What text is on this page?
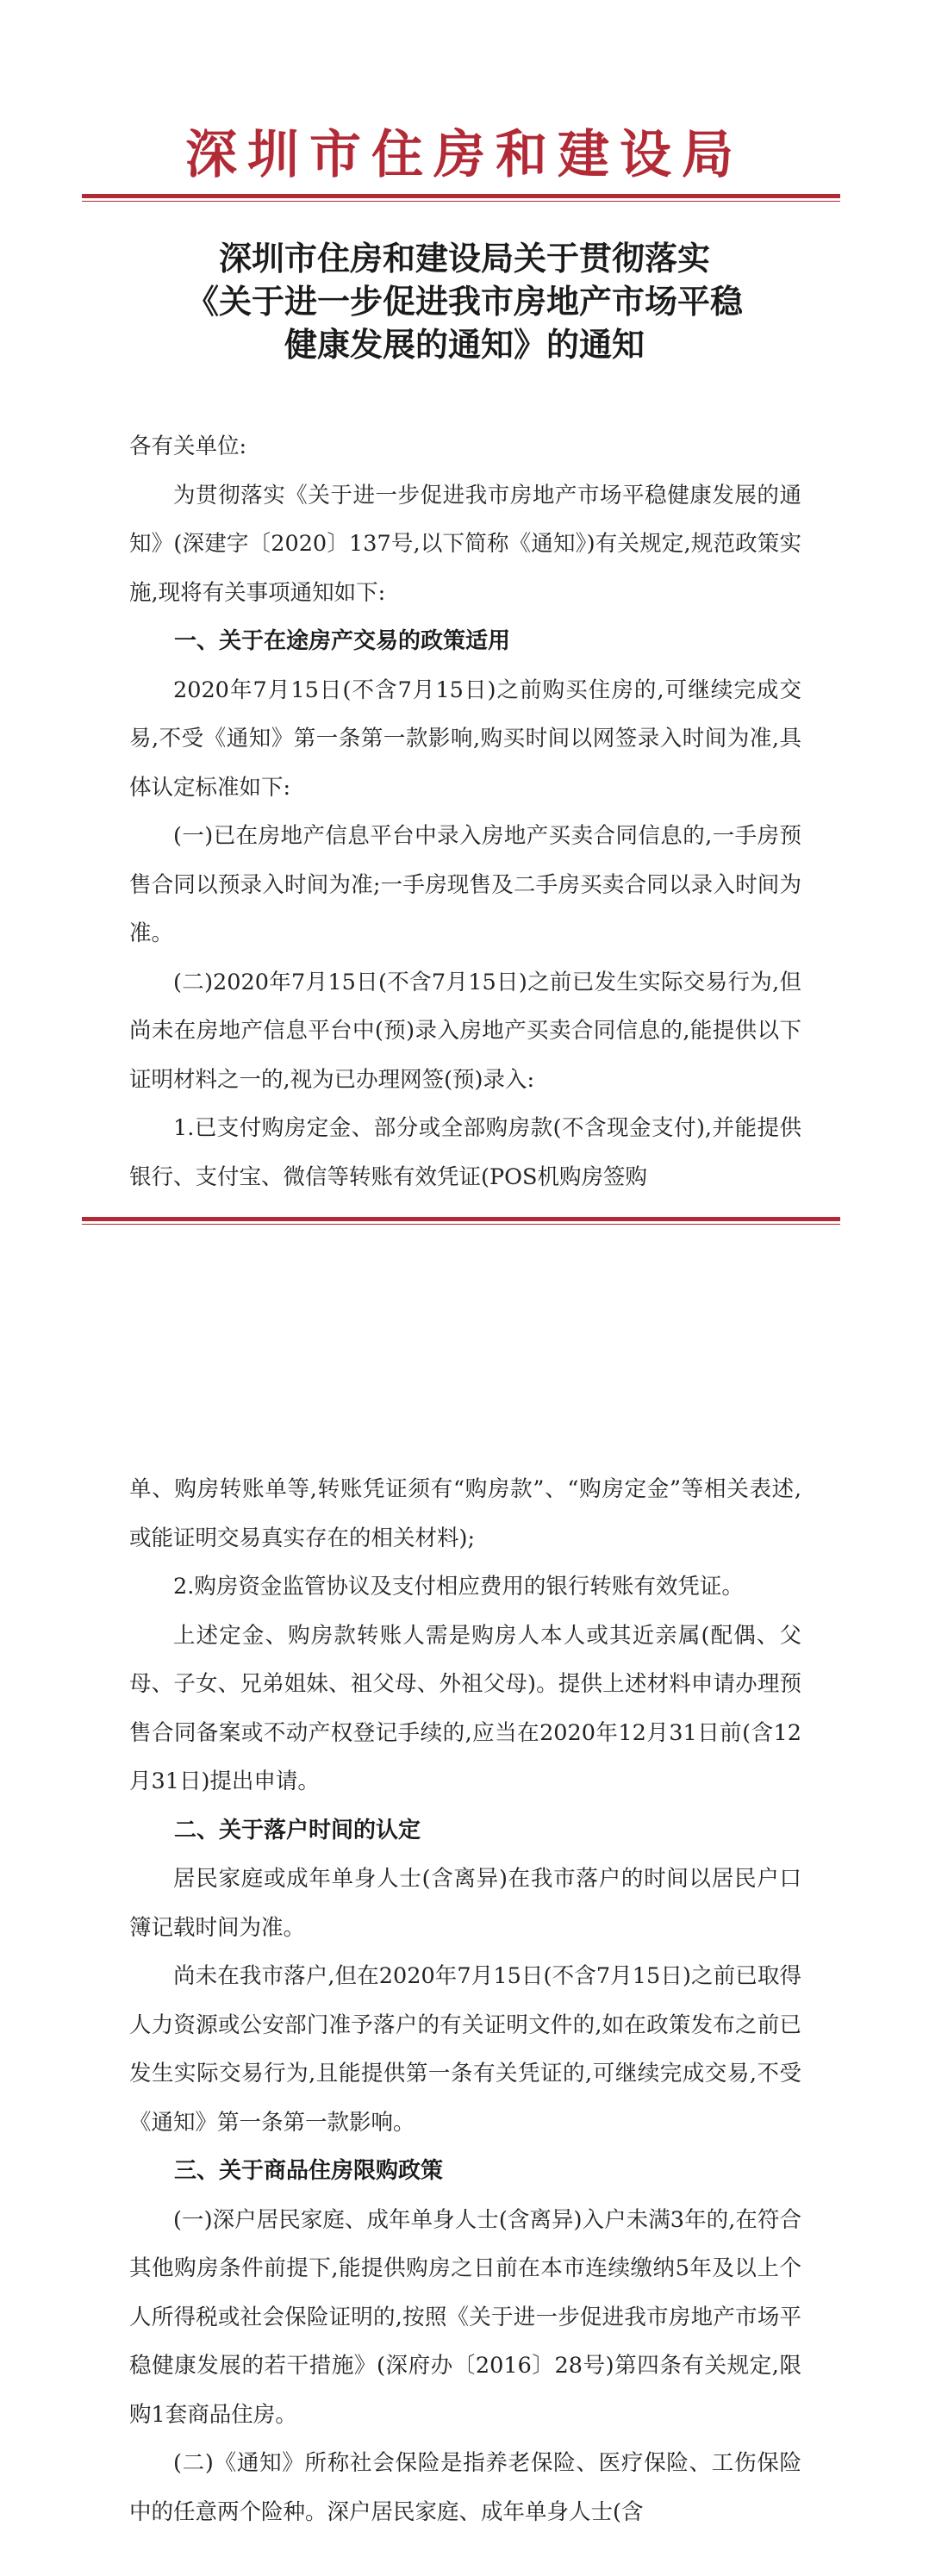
深圳市住房和建设局
深圳市住房和建设局关于贯彻落实
《关于进一步促进我市房地产市场平稳
健康发展的通知》的通知

各有关单位:

为贯彻落实《关于进一步促进我市房地产市场平稳健康发展的通知》(深建字〔2020〕137号,以下简称《通知》)有关规定,规范政策实施,现将有关事项通知如下:

一、关于在途房产交易的政策适用

2020年7月15日(不含7月15日)之前购买住房的,可继续完成交易,不受《通知》第一条第一款影响,购买时间以网签录入时间为准,具体认定标准如下:

(一)已在房地产信息平台中录入房地产买卖合同信息的,一手房预售合同以预录入时间为准;一手房现售及二手房买卖合同以录入时间为准。

(二)2020年7月15日(不含7月15日)之前已发生实际交易行为,但尚未在房地产信息平台中(预)录入房地产买卖合同信息的,能提供以下证明材料之一的,视为已办理网签(预)录入:

1.已支付购房定金、部分或全部购房款(不含现金支付),并能提供银行、支付宝、微信等转账有效凭证(POS机购房签购

单、购房转账单等,转账凭证须有“购房款”、“购房定金”等相关表述,或能证明交易真实存在的相关材料);

2.购房资金监管协议及支付相应费用的银行转账有效凭证。

上述定金、购房款转账人需是购房人本人或其近亲属(配偶、父母、子女、兄弟姐妹、祖父母、外祖父母)。提供上述材料申请办理预售合同备案或不动产权登记手续的,应当在2020年12月31日前(含12月31日)提出申请。

二、关于落户时间的认定

居民家庭或成年单身人士(含离异)在我市落户的时间以居民户口簿记载时间为准。

尚未在我市落户,但在2020年7月15日(不含7月15日)之前已取得人力资源或公安部门准予落户的有关证明文件的,如在政策发布之前已发生实际交易行为,且能提供第一条有关凭证的,可继续完成交易,不受《通知》第一条第一款影响。

三、关于商品住房限购政策

(一)深户居民家庭、成年单身人士(含离异)入户未满3年的,在符合其他购房条件前提下,能提供购房之日前在本市连续缴纳5年及以上个人所得税或社会保险证明的,按照《关于进一步促进我市房地产市场平稳健康发展的若干措施》(深府办〔2016〕28号)第四条有关规定,限购1套商品住房。

(二)《通知》所称社会保险是指养老保险、医疗保险、工伤保险中的任意两个险种。深户居民家庭、成年单身人士(含
